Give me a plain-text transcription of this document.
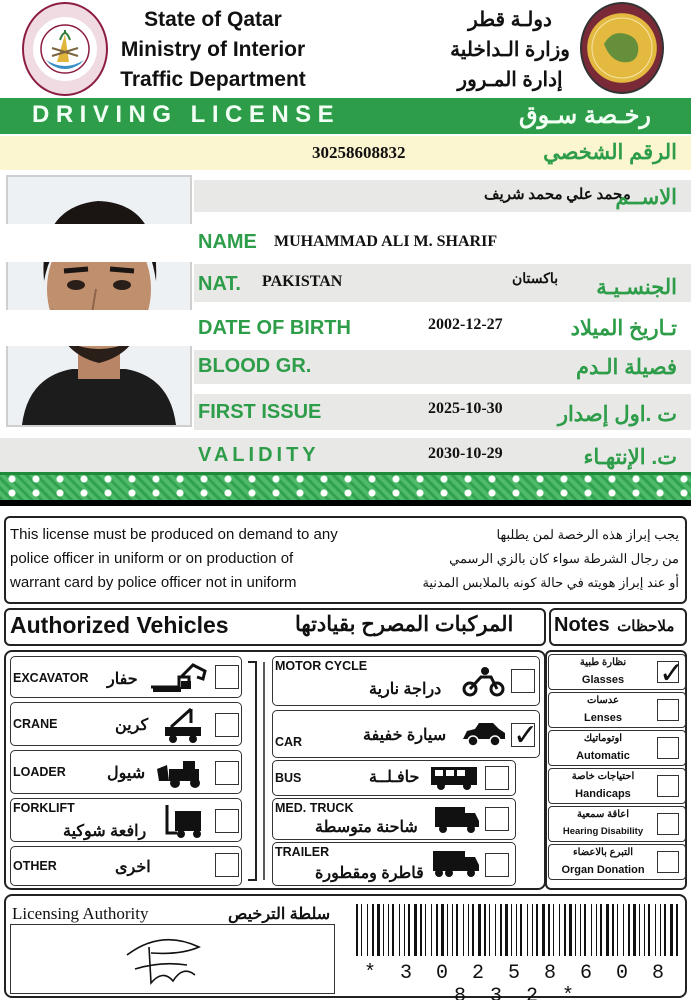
State of Qatar
Ministry of Interior
Traffic Department
دولـة قطر
وزارة الـداخلية
إدارة المـرور
DRIVING LICENSE	رخـصة سـوق
30258608832	الرقم الشخصي
محمد علي محمد شريف
الاســم
NAME MUHAMMAD ALI M. SHARIF
NAT. PAKISTAN	باكستان الجنسـيـة
DATE OF BIRTH	2002-12-27	تـاريخ الميلاد
BLOOD GR.	فصيلة الـدم
FIRST ISSUE	2025-10-30	ت .اول إصدار
VALIDITY	2030-10-29	ت. الإنتهـاء
This license must be produced on demand to any
police officer in uniform or on production of
warrant card by police officer not in uniform
يجب إبراز هذه الرخصة لمن يطلبها
من رجال الشرطة سواء كان بالزي الرسمي
أو عند إبراز هويته في حالة كونه بالملابس المدنية
Authorized Vehicles	المركبات المصرح بقيادتها Notes ملاحظات
EXCAVATOR حفار
CRANE	كرين
LOADER	شيول
FORKLIFT
رافعة شوكية
OTHER	اخرى
MOTOR CYCLE
دراجة نارية
CAR	سيارة خفيفة
✓
BUS	حافـلــة
MED. TRUCK
شاحنة متوسطة
TRAILER
قاطرة ومقطورة
نظارة طبية
Glasses
✓
عدسات
Lenses
اوتوماتيك
Automatic
احتياجات خاصة
Handicaps
اعاقة سمعية
Hearing Disability
التبرع بالاعضاء
Organ Donation
Licensing Authority	سلطة الترخيص
* 3 0 2 5 8 6 0 8 8 3 2 *
